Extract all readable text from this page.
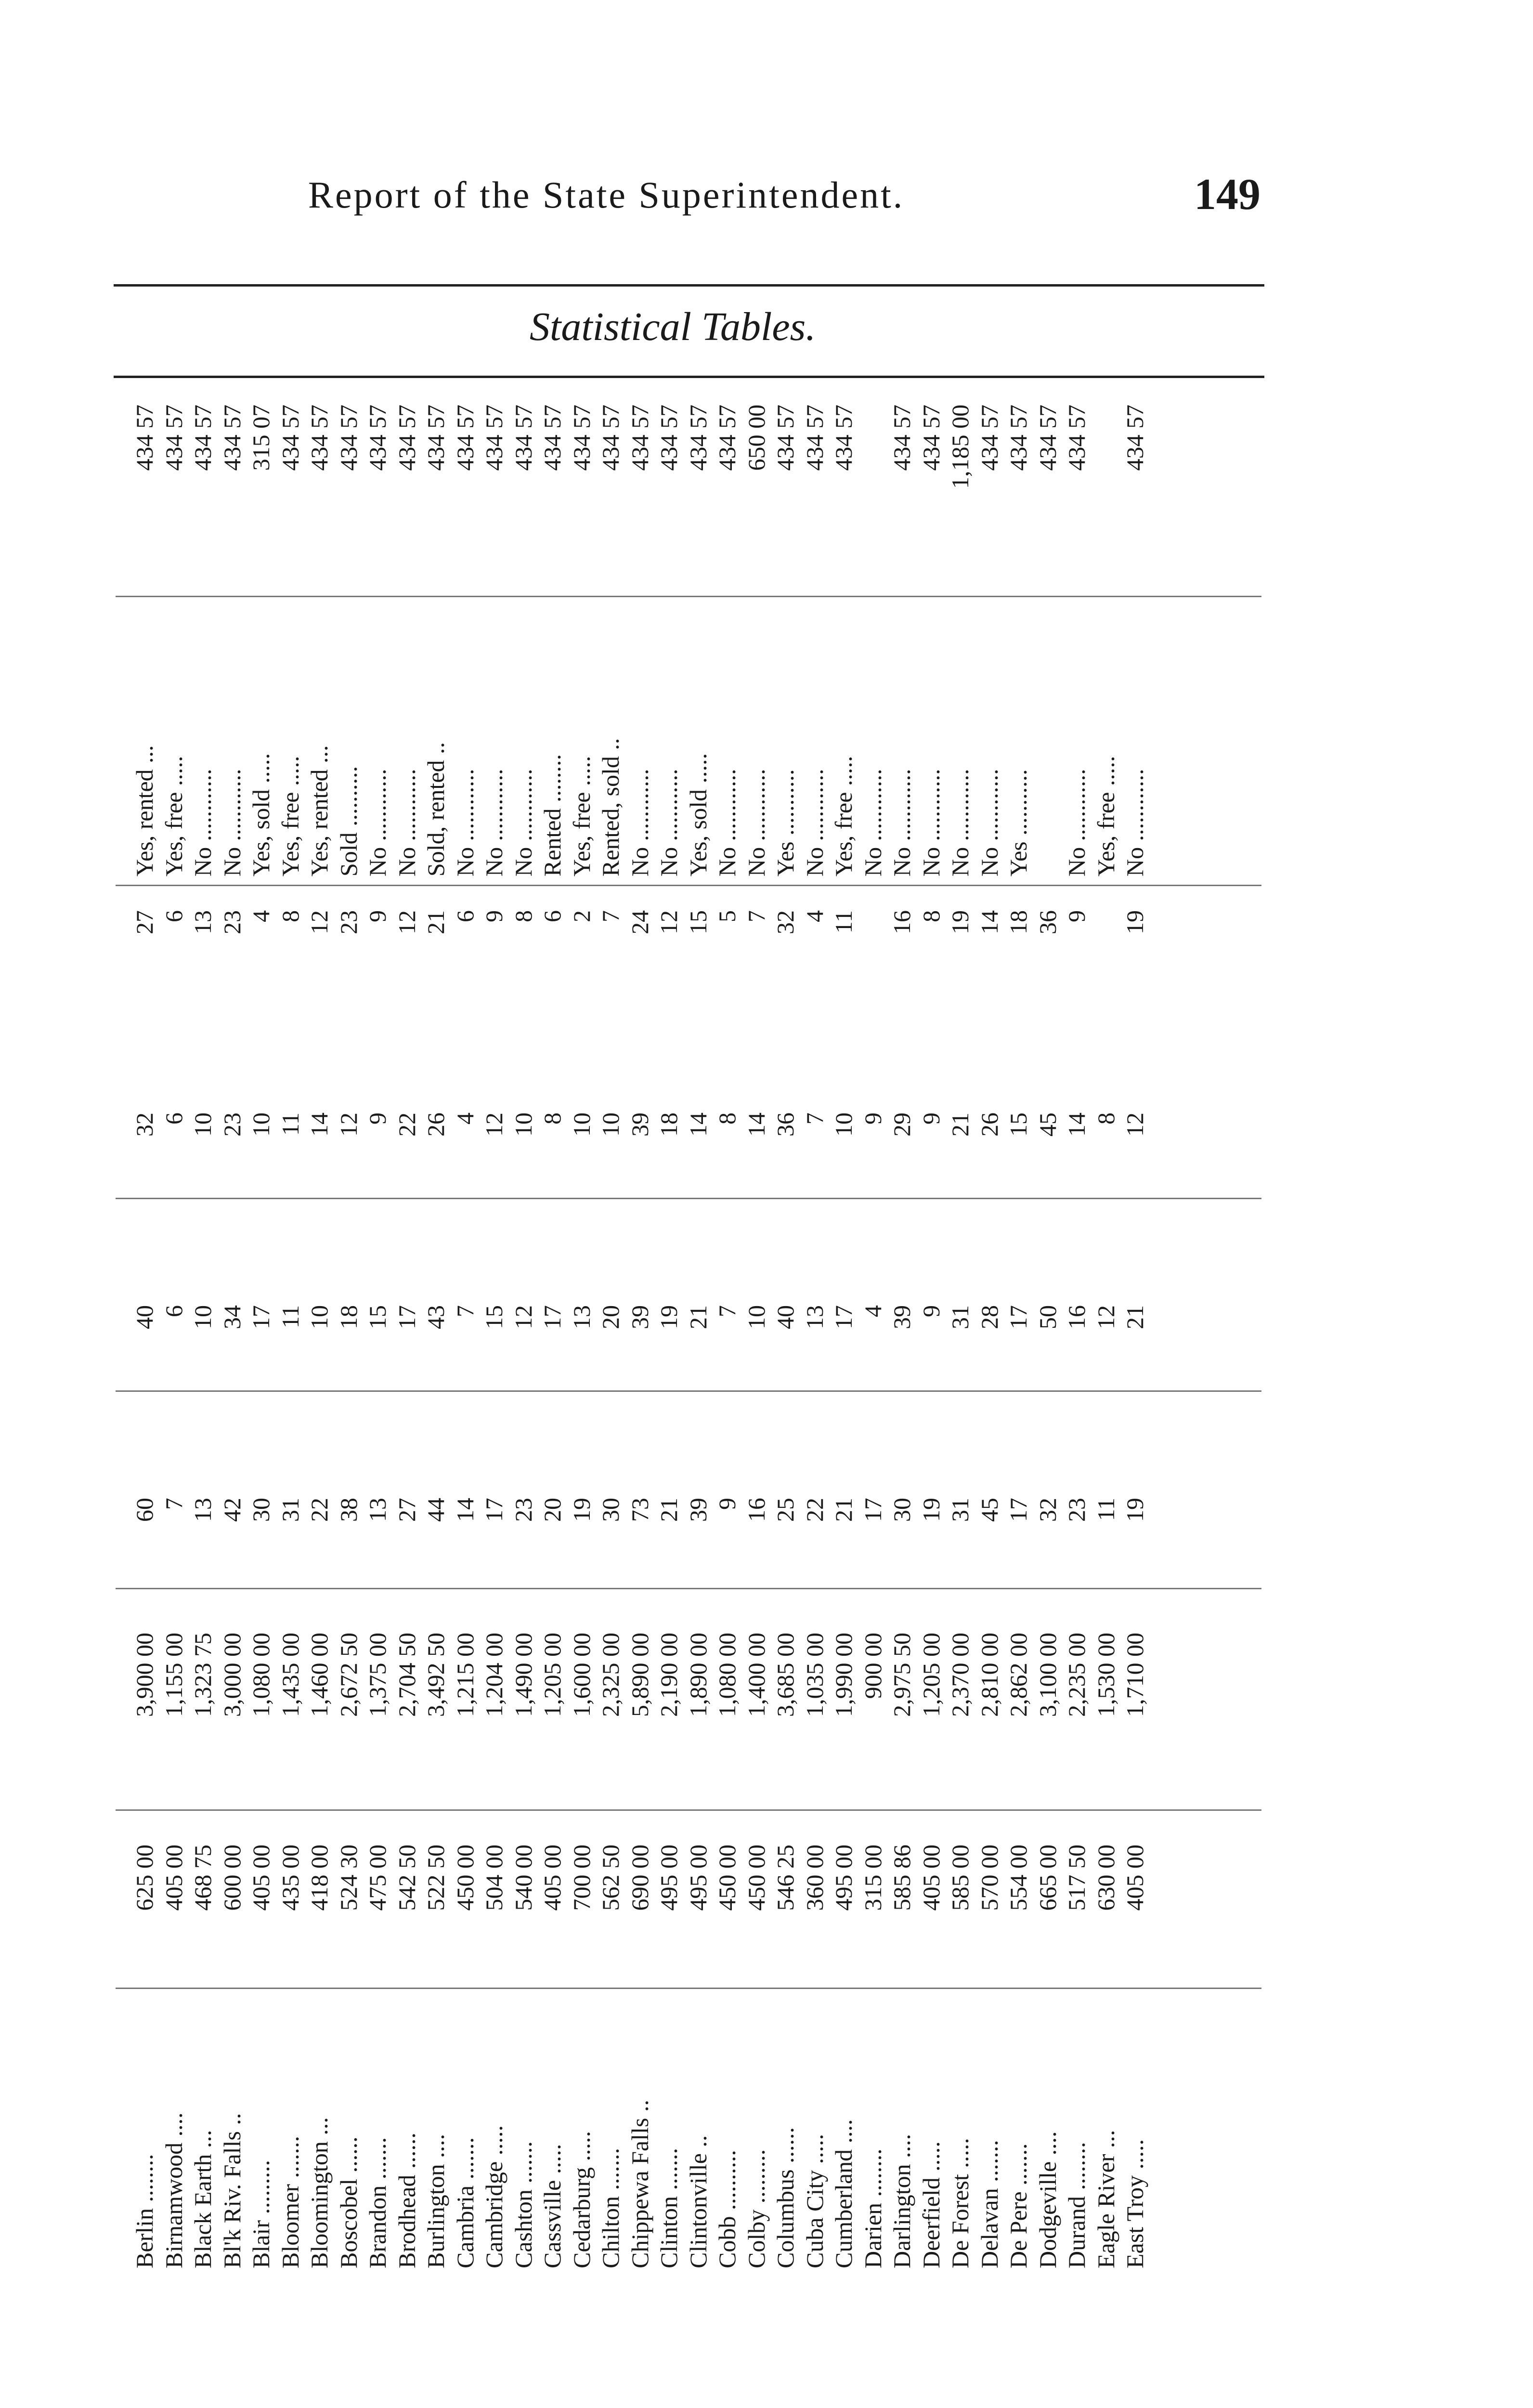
Report of the State Superintendent.	149
Statistical Tables.
Berlin ........
625 00
3,900 00
60
40
32
27
Yes, rented ...
434 57
Birnamwood ....
405 00
1,155 00
7
6
6
6
Yes, free .....
434 57
Black Earth ...
468 75
1,323 75
13
10
10
13
No ............
434 57
Bl'k Riv. Falls ..
600 00
3,000 00
42
34
23
23
No ............
434 57
Blair .........
405 00
1,080 00
30
17
10
4
Yes, sold .....
315 07
Bloomer .......
435 00
1,435 00
31
11
11
8
Yes, free .....
434 57
Bloomington ...
418 00
1,460 00
22
10
14
12
Yes, rented ...
434 57
Boscobel ......
524 30
2,672 50
38
18
12
23
Sold ..........
434 57
Brandon .......
475 00
1,375 00
13
15
9
9
No ............
434 57
Brodhead ......
542 50
2,704 50
27
17
22
12
No ............
434 57
Burlington ....
522 50
3,492 50
44
43
26
21
Sold, rented ..
434 57
Cambria .......
450 00
1,215 00
14
7
4
6
No ............
434 57
Cambridge .....
504 00
1,204 00
17
15
12
9
No ............
434 57
Cashton .......
540 00
1,490 00
23
12
10
8
No ............
434 57
Cassville .....
405 00
1,205 00
20
17
8
6
Rented ........
434 57
Cedarburg .....
700 00
1,600 00
19
13
10
2
Yes, free .....
434 57
Chilton .......
562 50
2,325 00
30
20
10
7
Rented, sold ..
434 57
Chippewa Falls ..
690 00
5,890 00
73
39
39
24
No ............
434 57
Clinton .......
495 00
2,190 00
21
19
18
12
No ............
434 57
Clintonville ..
495 00
1,890 00
39
21
14
15
Yes, sold .....
434 57
Cobb ..........
450 00
1,080 00
9
7
8
5
No ............
434 57
Colby .........
450 00
1,400 00
16
10
14
7
No ............
650 00
Columbus ......
546 25
3,685 00
25
40
36
32
Yes ...........
434 57
Cuba City .....
360 00
1,035 00
22
13
7
4
No ............
434 57
Cumberland ....
495 00
1,990 00
21
17
10
11
Yes, free .....
434 57
Darien ........
315 00
900 00
17
4
9
No ............
Darlington ....
585 86
2,975 50
30
39
29
16
No ............
434 57
Deerfield .....
405 00
1,205 00
19
9
9
8
No ............
434 57
De Forest .....
585 00
2,370 00
31
31
21
19
No ............
1,185 00
Delavan .......
570 00
2,810 00
45
28
26
14
No ............
434 57
De Pere .......
554 00
2,862 00
17
17
15
18
Yes ...........
434 57
Dodgeville ....
665 00
3,100 00
32
50
45
36
434 57
Durand ........
517 50
2,235 00
23
16
14
9
No ............
434 57
Eagle River ...
630 00
1,530 00
11
12
8
Yes, free .....
East Troy .....
405 00
1,710 00
19
21
12
19
No ............
434 57
